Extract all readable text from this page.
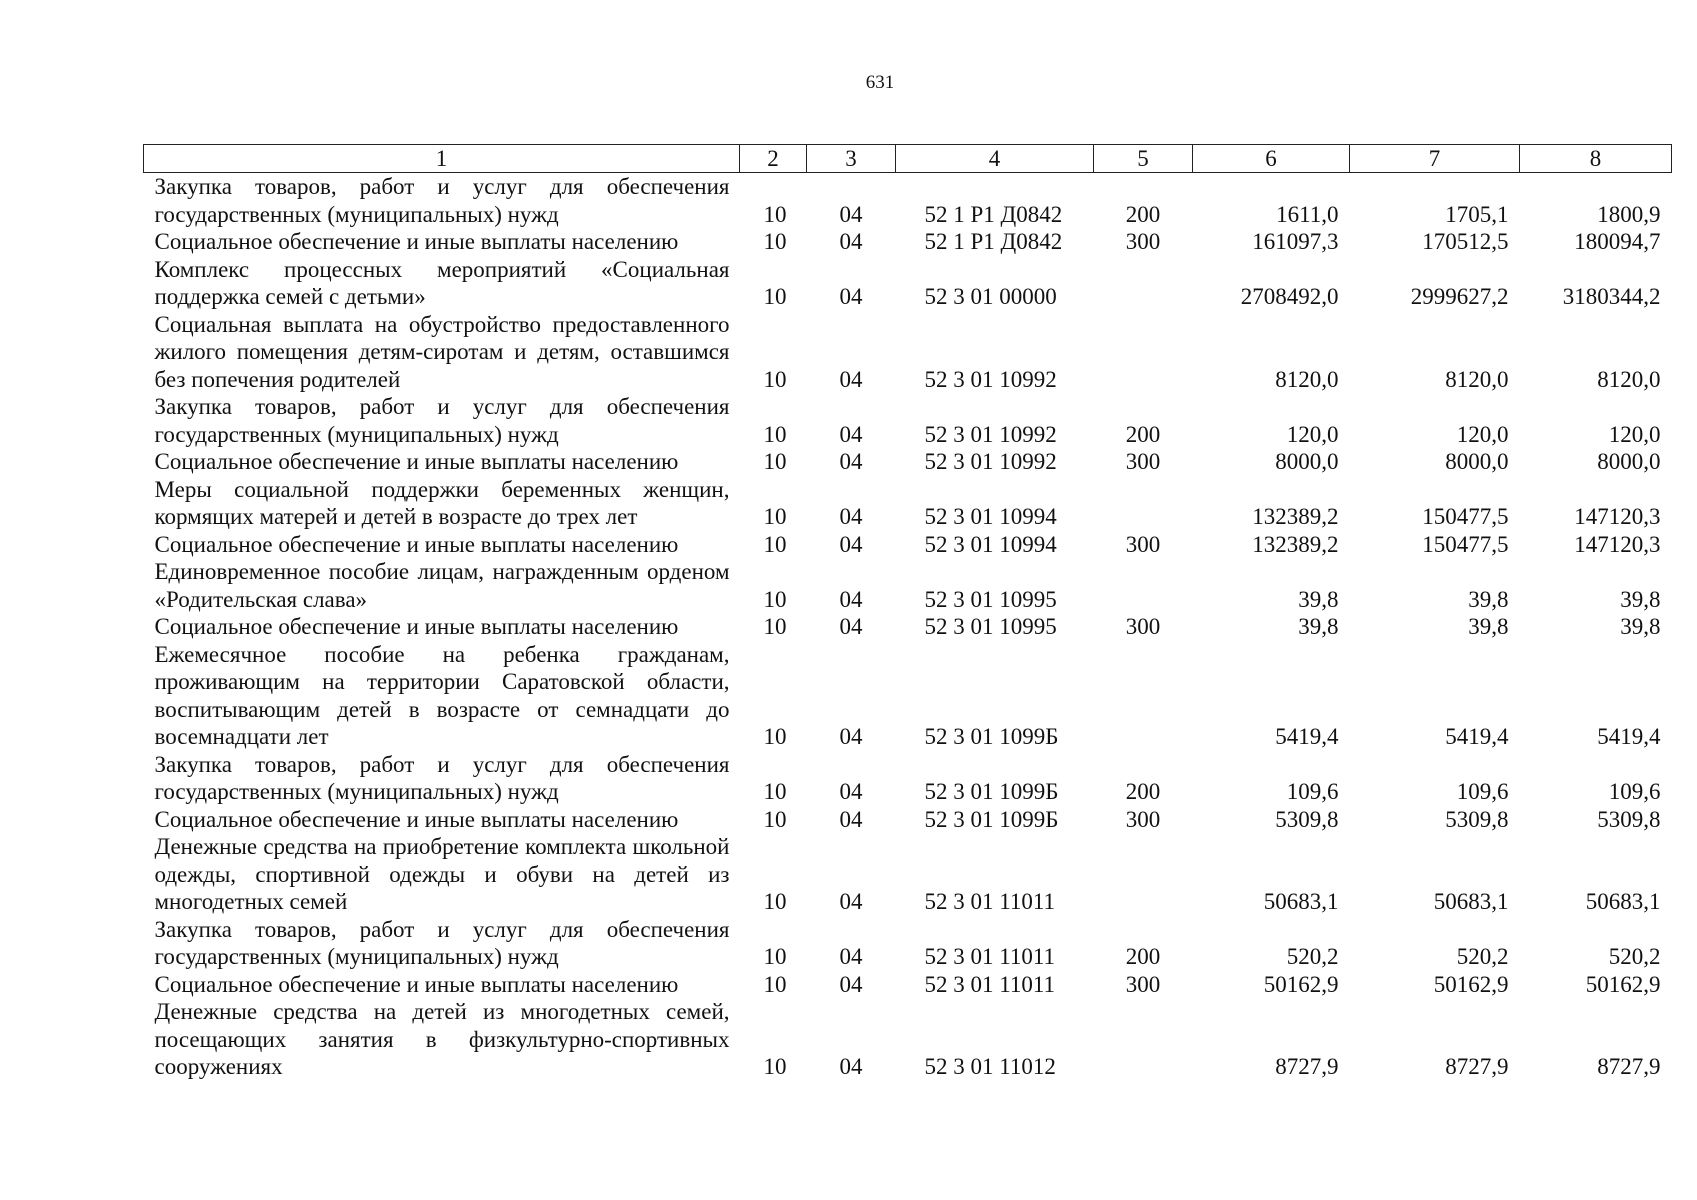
631
1	2	3	4	5	6	7	8
Закупка товаров, работ и услуг для обеспечения государственных (муниципальных) нужд	10	04	52 1 Р1 Д0842	200	1611,0	1705,1	1800,9
Социальное обеспечение и иные выплаты населению	10	04	52 1 Р1 Д0842	300	161097,3	170512,5	180094,7
Комплекс процессных мероприятий «Социальная поддержка семей с детьми»	10	04	52 3 01 00000		2708492,0	2999627,2	3180344,2
Социальная выплата на обустройство предоставленного жилого помещения детям-сиротам и детям, оставшимся без попечения родителей	10	04	52 3 01 10992		8120,0	8120,0	8120,0
Закупка товаров, работ и услуг для обеспечения государственных (муниципальных) нужд	10	04	52 3 01 10992	200	120,0	120,0	120,0
Социальное обеспечение и иные выплаты населению	10	04	52 3 01 10992	300	8000,0	8000,0	8000,0
Меры социальной поддержки беременных женщин, кормящих матерей и детей в возрасте до трех лет	10	04	52 3 01 10994		132389,2	150477,5	147120,3
Социальное обеспечение и иные выплаты населению	10	04	52 3 01 10994	300	132389,2	150477,5	147120,3
Единовременное пособие лицам, награжденным орденом «Родительская слава»	10	04	52 3 01 10995		39,8	39,8	39,8
Социальное обеспечение и иные выплаты населению	10	04	52 3 01 10995	300	39,8	39,8	39,8
Ежемесячное пособие на ребенка гражданам, проживающим на территории Саратовской области, воспитывающим детей в возрасте от семнадцати до восемнадцати лет	10	04	52 3 01 1099Б		5419,4	5419,4	5419,4
Закупка товаров, работ и услуг для обеспечения государственных (муниципальных) нужд	10	04	52 3 01 1099Б	200	109,6	109,6	109,6
Социальное обеспечение и иные выплаты населению	10	04	52 3 01 1099Б	300	5309,8	5309,8	5309,8
Денежные средства на приобретение комплекта школьной одежды, спортивной одежды и обуви на детей из многодетных семей	10	04	52 3 01 11011		50683,1	50683,1	50683,1
Закупка товаров, работ и услуг для обеспечения государственных (муниципальных) нужд	10	04	52 3 01 11011	200	520,2	520,2	520,2
Социальное обеспечение и иные выплаты населению	10	04	52 3 01 11011	300	50162,9	50162,9	50162,9
Денежные средства на детей из многодетных семей, посещающих занятия в физкультурно-спортивных сооружениях	10	04	52 3 01 11012		8727,9	8727,9	8727,9
